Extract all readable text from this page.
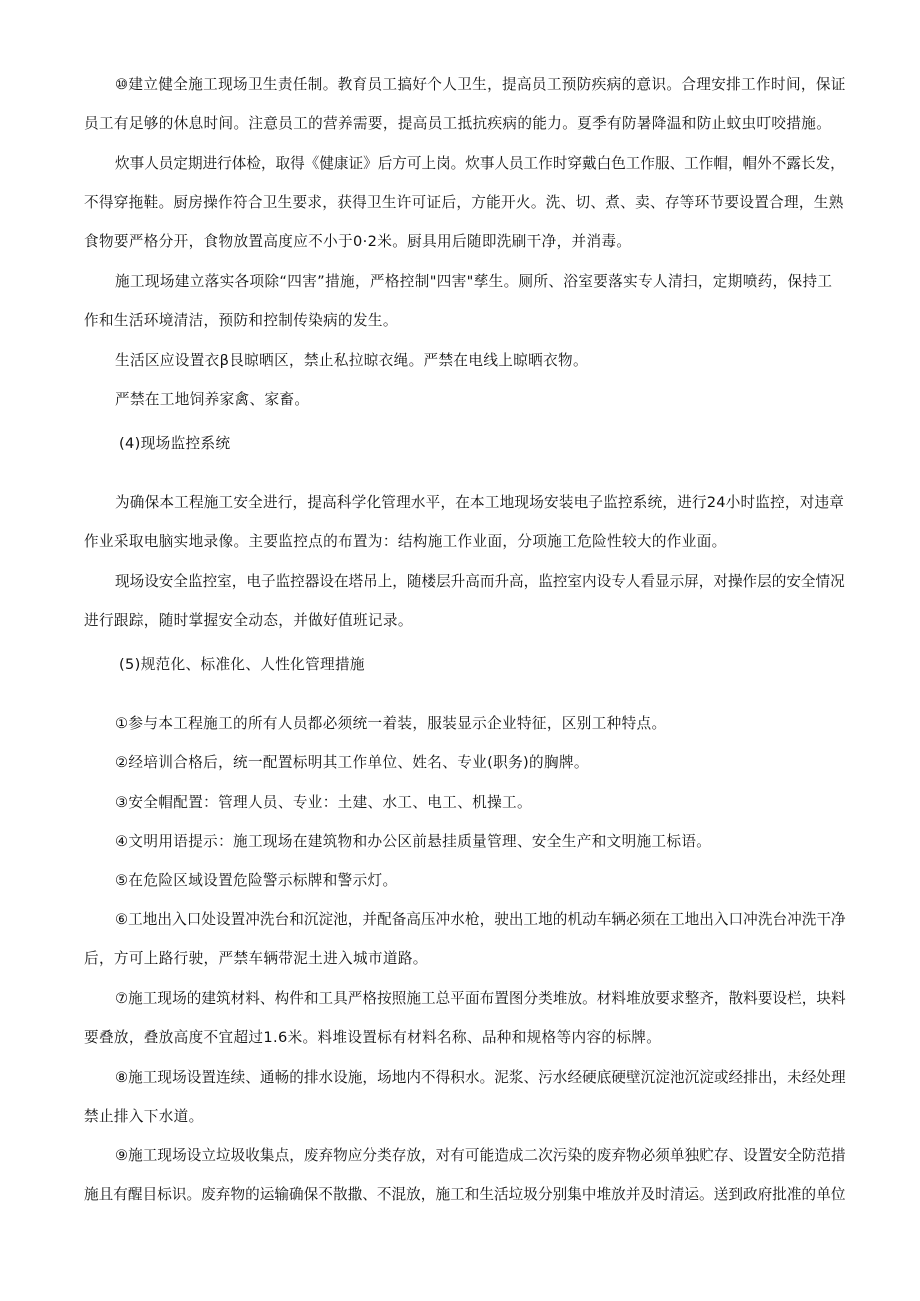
⑩建立健全施工现场卫生责任制。教育员工搞好个人卫生，提高员工预防疾病的意识。合理安排工作时间，保证
员工有足够的休息时间。注意员工的营养需要，提高员工抵抗疾病的能力。夏季有防暑降温和防止蚊虫叮咬措施。
炊事人员定期进行体检，取得《健康证》后方可上岗。炊事人员工作时穿戴白色工作服、工作帽，帽外不露长发，
不得穿拖鞋。厨房操作符合卫生要求，获得卫生许可证后，方能开火。洗、切、煮、卖、存等环节要设置合理，生熟
食物要严格分开，食物放置高度应不小于0·2米。厨具用后随即洗刷干净，并消毒。
施工现场建立落实各项除“四害”措施，严格控制"四害"孳生。厕所、浴室要落实专人清扫，定期喷药，保持工
作和生活环境清洁，预防和控制传染病的发生。
生活区应设置衣β艮晾晒区，禁止私拉晾衣绳。严禁在电线上晾晒衣物。
严禁在工地饲养家禽、家畜。
(4)现场监控系统
为确保本工程施工安全进行，提高科学化管理水平，在本工地现场安装电子监控系统，进行24小时监控，对违章
作业采取电脑实地录像。主要监控点的布置为：结构施工作业面，分项施工危险性较大的作业面。
现场设安全监控室，电子监控器设在塔吊上，随楼层升高而升高，监控室内设专人看显示屏，对操作层的安全情况
进行跟踪，随时掌握安全动态，并做好值班记录。
(5)规范化、标准化、人性化管理措施
①参与本工程施工的所有人员都必须统一着装，服装显示企业特征，区别工种特点。
②经培训合格后，统一配置标明其工作单位、姓名、专业(职务)的胸牌。
③安全帽配置：管理人员、专业：土建、水工、电工、机操工。
④文明用语提示：施工现场在建筑物和办公区前悬挂质量管理、安全生产和文明施工标语。
⑤在危险区域设置危险警示标牌和警示灯。
⑥工地出入口处设置冲洗台和沉淀池，并配备高压冲水枪，驶出工地的机动车辆必须在工地出入口冲洗台冲洗干净
后，方可上路行驶，严禁车辆带泥土进入城市道路。
⑦施工现场的建筑材料、构件和工具严格按照施工总平面布置图分类堆放。材料堆放要求整齐，散料要设栏，块料
要叠放，叠放高度不宜超过1.6米。料堆设置标有材料名称、品种和规格等内容的标牌。
⑧施工现场设置连续、通畅的排水设施，场地内不得积水。泥浆、污水经硬底硬壁沉淀池沉淀或经排出，未经处理
禁止排入下水道。
⑨施工现场设立垃圾收集点，废弃物应分类存放，对有可能造成二次污染的废弃物必须单独贮存、设置安全防范措
施且有醒目标识。废弃物的运输确保不散撒、不混放，施工和生活垃圾分别集中堆放并及时清运。送到政府批准的单位
